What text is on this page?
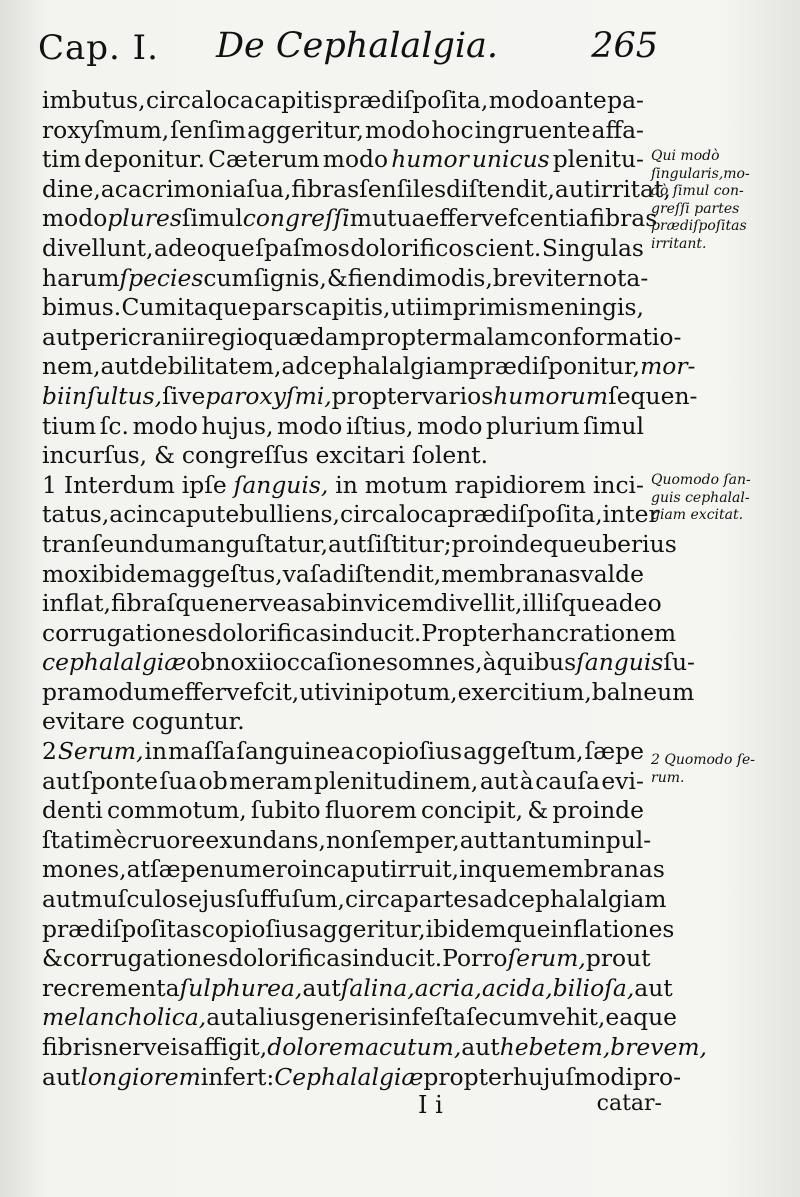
Cap. I. De Cephalalgia.	265
imbutus, circa loca capitis prædiſpoſita, modo ante pa-
roxyſmum, ſenſim aggeritur, modo hoc ingruente affa-
tim deponitur. Cæterum modo humor unicus plenitu-
dine, ac acrimonia ſua, fibras ſenſiles diſtendit, aut irritat,
modo plures ſimul congreſſi mutua effervefcentia fibras
divellunt, adeoque ſpaſmos dolorificos cient. Singulas
harum ſpecies cum ſignis, & fiendi modis, breviter nota-
bimus. Cum itaque pars capitis, uti imprimis meningis,
aut pericranii regio quædam propter malam conformatio-
nem, aut debilitatem, ad cephalalgiam prædiſponitur, mor-
bi inſultus, ſive paroxyſmi, propter varios humorum ſequen-
tium ſc. modo hujus, modo iſtius, modo plurium ſimul
incurſus, & congreſſus excitari ſolent.
1 Interdum ipſe ſanguis, in motum rapidiorem inci-
tatus, ac in caput ebulliens, circa loca prædiſpoſita, inter
tranſeundum anguſtatur, aut ſiſtitur; proindeque uberius
mox ibidem aggeſtus, vaſa diſtendit, membranas valde
inflat, fibraſque nerveas ab invicem divellit, illiſque adeo
corrugationes dolorificas inducit. Propter hanc rationem
cephalalgiæ obnoxii occaſiones omnes, à quibus ſanguis ſu-
pra modum effervefcit, uti vini potum, exercitium, balneum
evitare coguntur.
2 Serum, in maſſa ſanguinea copioſius aggeſtum, ſæpe
aut ſponte ſua ob meram plenitudinem, aut à cauſa evi-
denti commotum, ſubito fluorem concipit, & proinde
ſtatim è cruore exundans, non ſemper, aut tantum in pul-
mones, at ſæpenumero in caput irruit, inque membranas
aut muſculos ejus ſuffuſum, circa partes ad cephalalgiam
prædiſpoſitas copioſius aggeritur, ibidemque inflationes
& corrugationes dolorificas inducit. Porro ſerum, prout
recrementa ſulphurea, aut ſalina, acria, acida, bilioſa, aut
melancholica, aut alius generis infeſta ſecum vehit, eaque
fibris nerveis affigit, dolorem acutum, aut hebetem, brevem,
aut longiorem infert: Cephalalgiæ propter hujuſmodi pro-
Qui modò
ſingularis,mo-
dò ſimul con-
greſſi partes
prædiſpoſitas
irritant.
Quomodo ſan-
guis cephalal-
giam excitat.
2 Quomodo ſe-
rum.
I i	catar-
